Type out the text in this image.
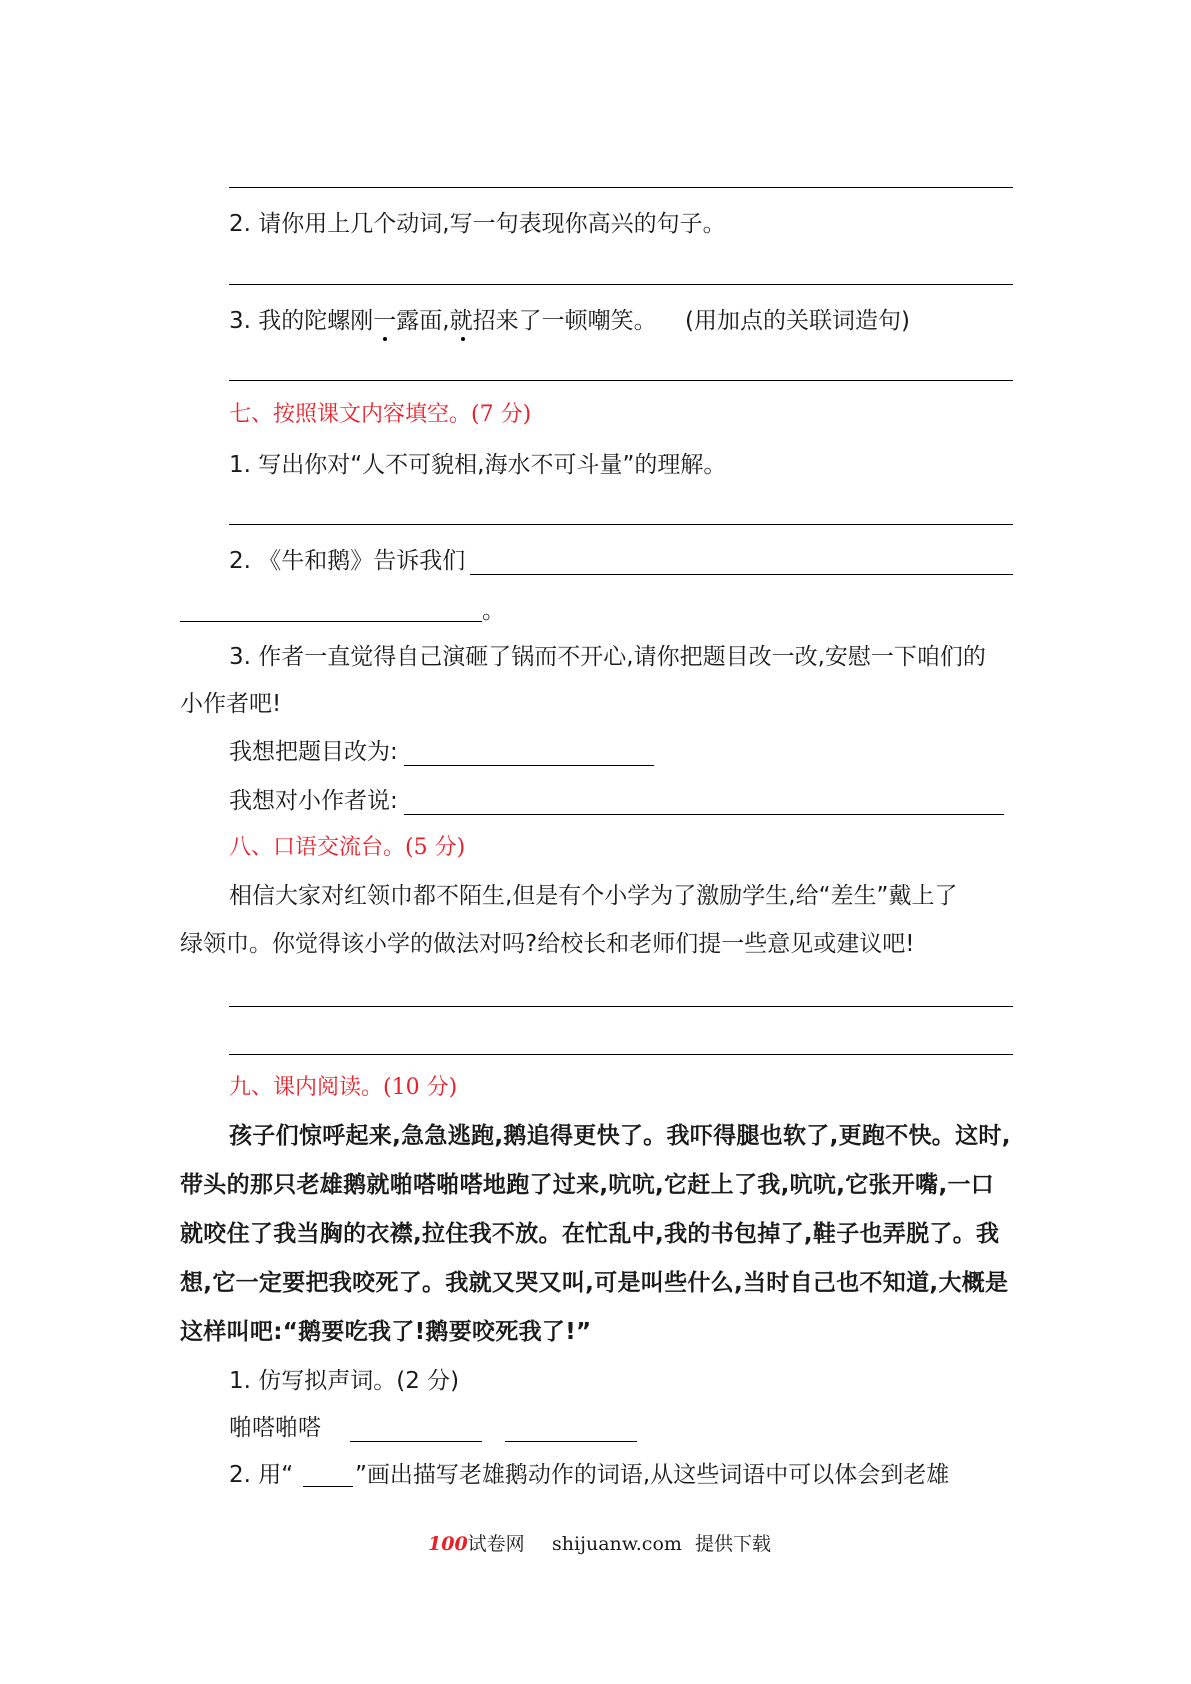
2. 请你用上几个动词,写一句表现你高兴的句子。
3. 我的陀螺刚一露面,就招来了一顿嘲笑。 (用加点的关联词造句)
七、按照课文内容填空。(7 分)
1. 写出你对“人不可貌相,海水不可斗量”的理解。
2. 《牛和鹅》告诉我们
。
3. 作者一直觉得自己演砸了锅而不开心,请你把题目改一改,安慰一下咱们的
小作者吧!
我想把题目改为:
我想对小作者说:
八、口语交流台。(5 分)
相信大家对红领巾都不陌生,但是有个小学为了激励学生,给“差生”戴上了
绿领巾。你觉得该小学的做法对吗?给校长和老师们提一些意见或建议吧!
九、课内阅读。(10 分)
孩子们惊呼起来,急急逃跑,鹅追得更快了。我吓得腿也软了,更跑不快。这时,
带头的那只老雄鹅就啪嗒啪嗒地跑了过来,吭吭,它赶上了我,吭吭,它张开嘴,一口
就咬住了我当胸的衣襟,拉住我不放。在忙乱中,我的书包掉了,鞋子也弄脱了。我
想,它一定要把我咬死了。我就又哭又叫,可是叫些什么,当时自己也不知道,大概是
这样叫吧:“鹅要吃我了!鹅要咬死我了!”
1. 仿写拟声词。(2 分)
啪嗒啪嗒
2. 用“	”画出描写老雄鹅动作的词语,从这些词语中可以体会到老雄
100试卷网 shijuanw.com 提供下载
